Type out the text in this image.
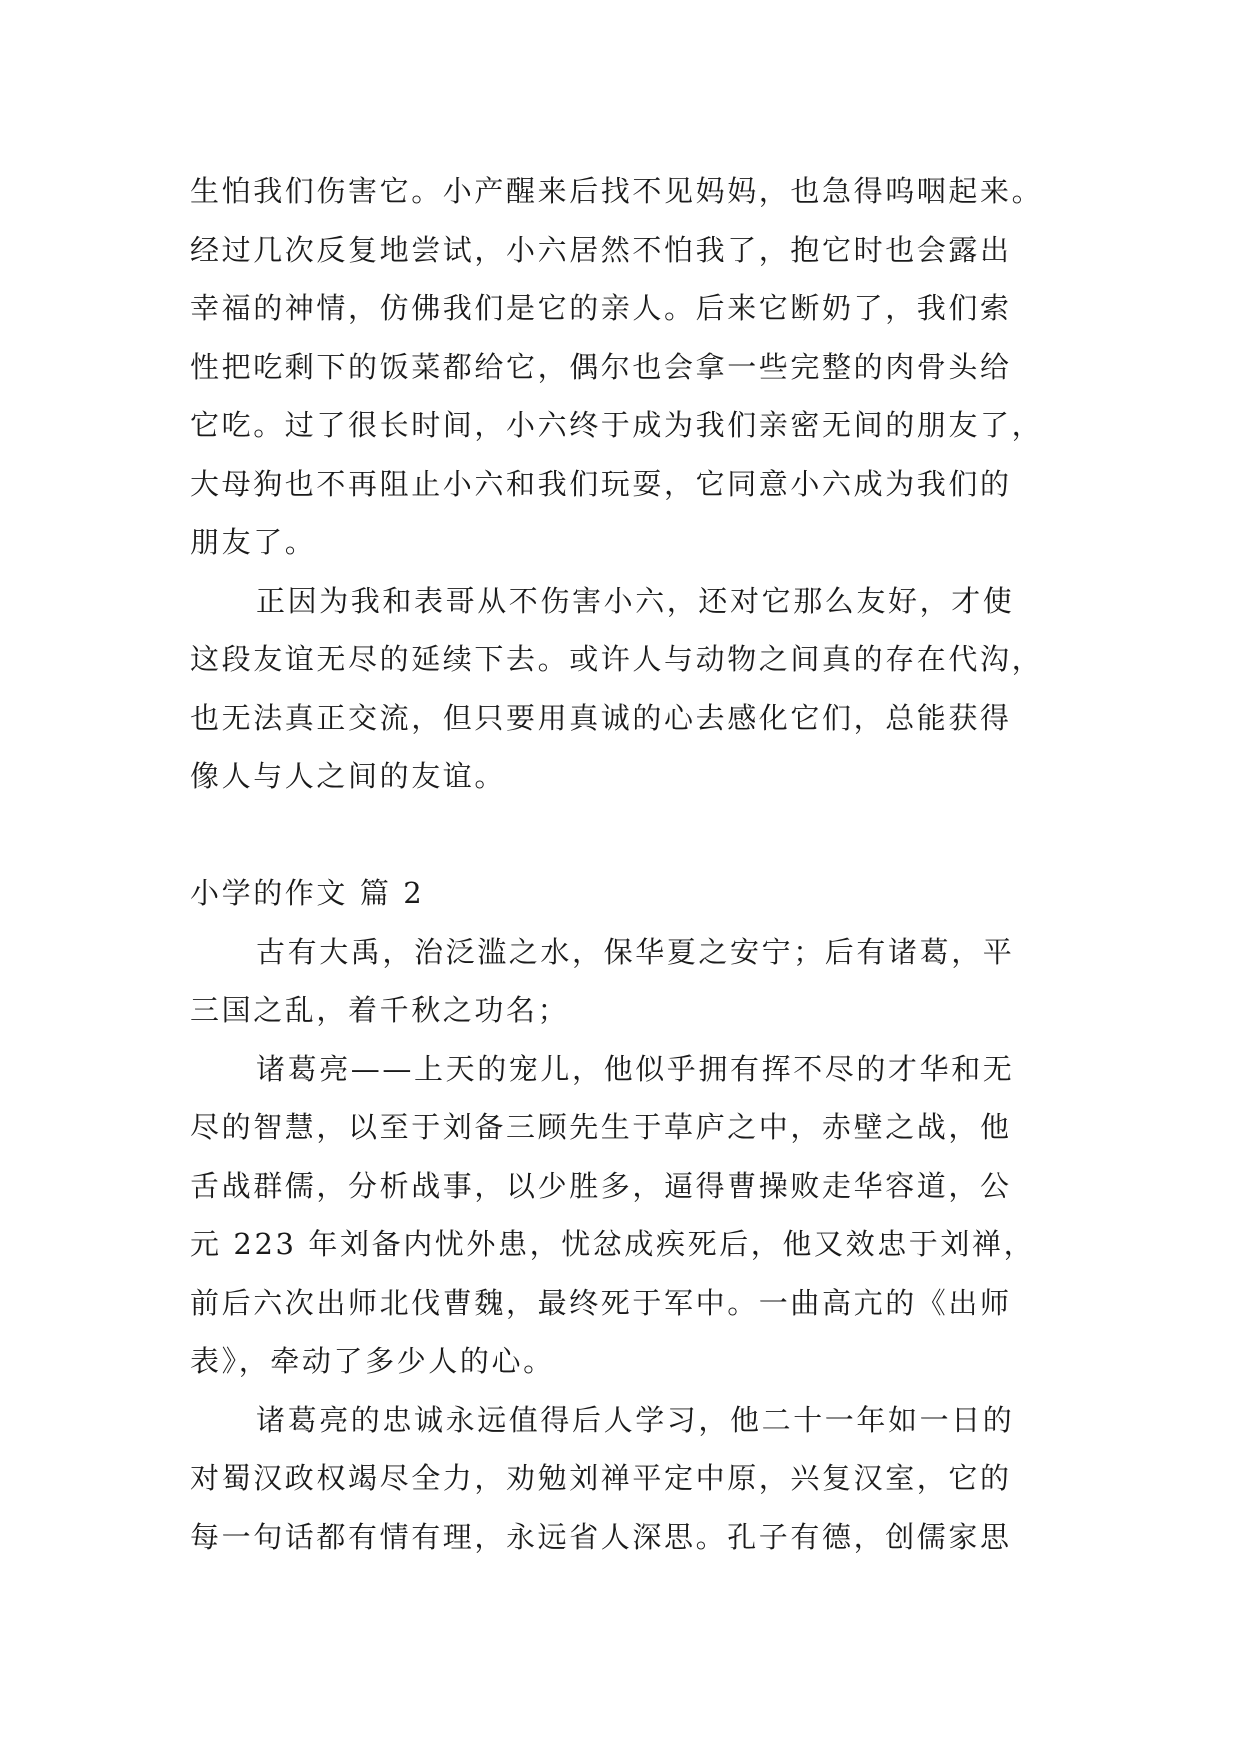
生怕我们伤害它。小产醒来后找不见妈妈，也急得呜咽起来。
经过几次反复地尝试，小六居然不怕我了，抱它时也会露出
幸福的神情，仿佛我们是它的亲人。后来它断奶了，我们索
性把吃剩下的饭菜都给它，偶尔也会拿一些完整的肉骨头给
它吃。过了很长时间，小六终于成为我们亲密无间的朋友了，
大母狗也不再阻止小六和我们玩耍，它同意小六成为我们的
朋友了。
正因为我和表哥从不伤害小六，还对它那么友好，才使
这段友谊无尽的延续下去。或许人与动物之间真的存在代沟，
也无法真正交流，但只要用真诚的心去感化它们，总能获得
像人与人之间的友谊。
小学的作文 篇 2
古有大禹，治泛滥之水，保华夏之安宁；后有诸葛，平
三国之乱，着千秋之功名；
诸葛亮——上天的宠儿，他似乎拥有挥不尽的才华和无
尽的智慧，以至于刘备三顾先生于草庐之中，赤壁之战，他
舌战群儒，分析战事，以少胜多，逼得曹操败走华容道，公
元 223 年刘备内忧外患，忧忿成疾死后，他又效忠于刘禅，
前后六次出师北伐曹魏，最终死于军中。一曲高亢的《出师
表》，牵动了多少人的心。
诸葛亮的忠诚永远值得后人学习，他二十一年如一日的
对蜀汉政权竭尽全力，劝勉刘禅平定中原，兴复汉室，它的
每一句话都有情有理，永远省人深思。孔子有德，创儒家思
